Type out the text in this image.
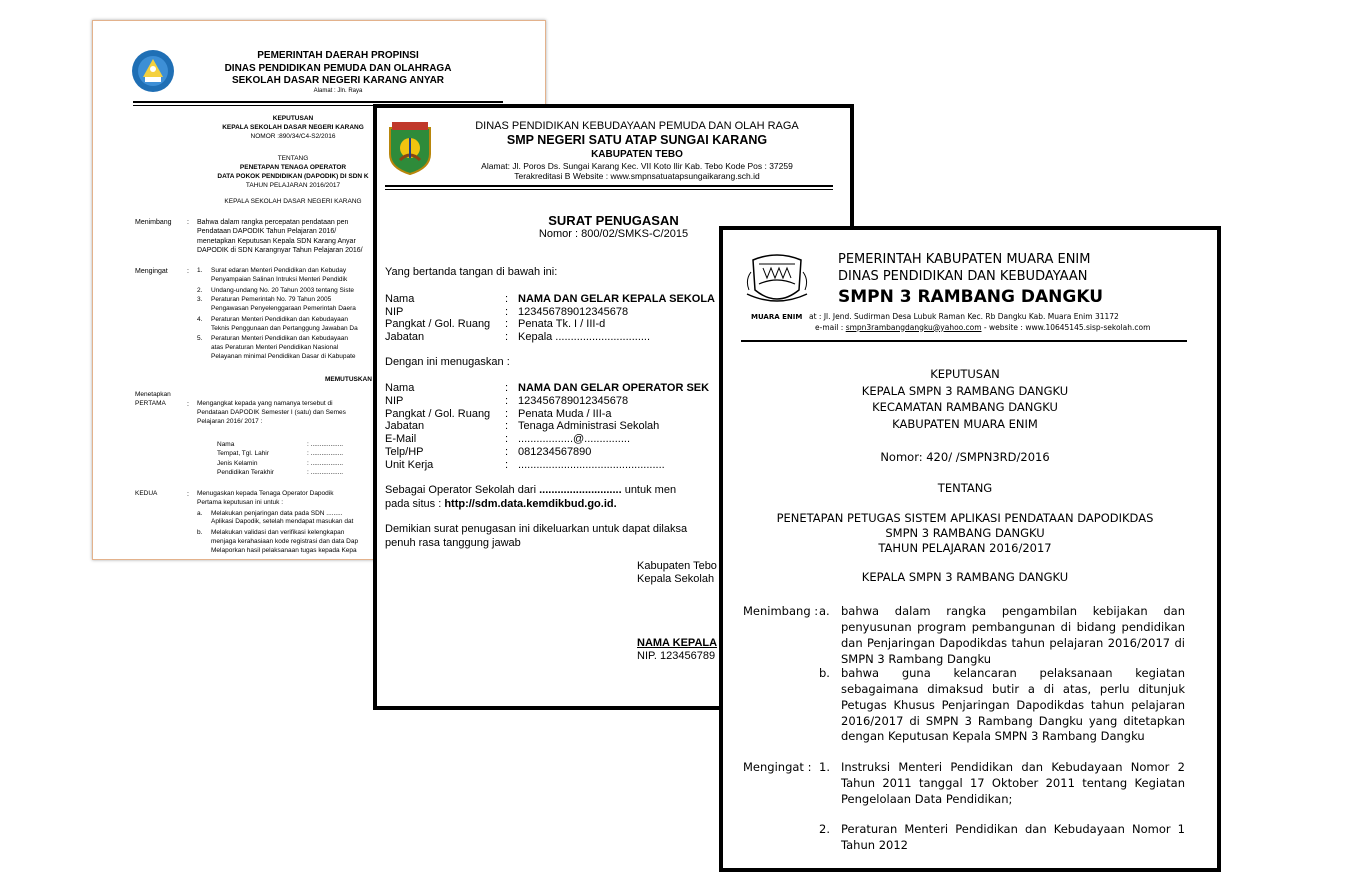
PEMERINTAH DAERAH PROPINSI
DINAS PENDIDIKAN PEMUDA DAN OLAHRAGA
SEKOLAH DASAR NEGERI KARANG ANYAR
Alamat : Jln. Raya
KEPUTUSAN
KEPALA SEKOLAH DASAR NEGERI KARANG
NOMOR :890/34/C4-S2/2016
TENTANG
PENETAPAN TENAGA OPERATOR
DATA POKOK PENDIDIKAN (DAPODIK) DI SDN K
TAHUN PELAJARAN 2016/2017
KEPALA SEKOLAH DASAR NEGERI KARANG
Menimbang : Bahwa dalam rangka percepatan pendataan pen
Pendataan DAPODIK Tahun Pelajaran 2016/
menetapkan Keputusan Kepala SDN Karang Anyar
DAPODIK di SDN Karangnyar Tahun Pelajaran 2016/
Mengingat	: 1.	Surat edaran Menteri Pendidikan dan Kebuday
Penyampaian Salinan Intruksi Menteri Pendidik
2.	Undang-undang No. 20 Tahun 2003 tentang Siste
3.	Peraturan Pemerintah No. 79 Tahun 2005
Pengawasan Penyelenggaraan Pemerintah Daera
4.	Peraturan Menteri Pendidikan dan Kebudayaan
Teknis Penggunaan dan Pertanggung Jawaban Da
5.	Peraturan Menteri Pendidikan dan Kebudayaan
atas Peraturan Menteri Pendidikan Nasional
Pelayanan minimal Pendidikan Dasar di Kabupate
MEMUTUSKAN
Menetapkan
PERTAMA	: Mengangkat kepada yang namanya tersebut di
Pendataan DAPODIK Semester I (satu) dan Semes
Pelajaran 2016/ 2017 :
Nama	: ..................
Tempat, Tgl. Lahir	: ..................
Jenis Kelamin	: ..................
Pendidikan Terakhir	: ..................
KEDUA	: Menugaskan kepada Tenaga Operator Dapodik
Pertama keputusan ini untuk :
a.	Melakukan penjaringan data pada SDN .........
Aplikasi Dapodik, setelah mendapat masukan dat
b.	Melakukan validasi dan verifikasi kelengkapan
menjaga kerahasiaan kode registrasi dan data Dap
Melaporkan hasil pelaksanaan tugas kepada Kepa
DINAS PENDIDIKAN KEBUDAYAAN PEMUDA DAN OLAH RAGA
SMP NEGERI SATU ATAP SUNGAI KARANG
KABUPATEN TEBO
Alamat: Jl. Poros Ds. Sungai Karang Kec. VII Koto Ilir Kab. Tebo Kode Pos : 37259
Terakreditasi B Website : www.smpnsatuatapsungaikarang.sch.id
SURAT PENUGASAN
Nomor : 800/02/SMKS-C/2015
Yang bertanda tangan di bawah ini:
Nama	: NAMA DAN GELAR KEPALA SEKOLA
NIP	: 123456789012345678
Pangkat / Gol. Ruang	: Penata Tk. I / III-d
Jabatan	: Kepala ...............................
Dengan ini menugaskan :
Nama	: NAMA DAN GELAR OPERATOR SEK
NIP	: 123456789012345678
Pangkat / Gol. Ruang	: Penata Muda / III-a
Jabatan	: Tenaga Administrasi Sekolah
E-Mail	: ..................@...............
Telp/HP	: 081234567890
Unit Kerja	: ................................................
Sebagai Operator Sekolah dari ........................... untuk men
pada situs : http://sdm.data.kemdikbud.go.id.
Demikian surat penugasan ini dikeluarkan untuk dapat dilaksa
penuh rasa tanggung jawab
Kabupaten Tebo
Kepala Sekolah
NAMA KEPALA
NIP. 123456789
MUARA ENIM
PEMERINTAH KABUPATEN MUARA ENIM
DINAS PENDIDIKAN DAN KEBUDAYAAN
SMPN 3 RAMBANG DANGKU
at : Jl. Jend. Sudirman Desa Lubuk Raman Kec. Rb Dangku Kab. Muara Enim 31172
e-mail : smpn3rambangdangku@yahoo.com - website : www.10645145.sisp-sekolah.com
KEPUTUSAN
KEPALA SMPN 3 RAMBANG DANGKU
KECAMATAN RAMBANG DANGKU
KABUPATEN MUARA ENIM
Nomor: 420/ /SMPN3RD/2016
TENTANG
PENETAPAN PETUGAS SISTEM APLIKASI PENDATAAN DAPODIKDAS
SMPN 3 RAMBANG DANGKU
TAHUN PELAJARAN 2016/2017
KEPALA SMPN 3 RAMBANG DANGKU
Menimbang : a. bahwa dalam rangka pengambilan kebijakan dan penyusunan program pembangunan di bidang pendidikan dan Penjaringan Dapodikdas tahun pelajaran 2016/2017 di SMPN 3 Rambang Dangku
b. bahwa guna kelancaran pelaksanaan kegiatan sebagaimana dimaksud butir a di atas, perlu ditunjuk Petugas Khusus Penjaringan Dapodikdas tahun pelajaran 2016/2017 di SMPN 3 Rambang Dangku yang ditetapkan dengan Keputusan Kepala SMPN 3 Rambang Dangku
Mengingat : 1. Instruksi Menteri Pendidikan dan Kebudayaan Nomor 2 Tahun 2011 tanggal 17 Oktober 2011 tentang Kegiatan Pengelolaan Data Pendidikan;
2. Peraturan Menteri Pendidikan dan Kebudayaan Nomor 1 Tahun 2012
